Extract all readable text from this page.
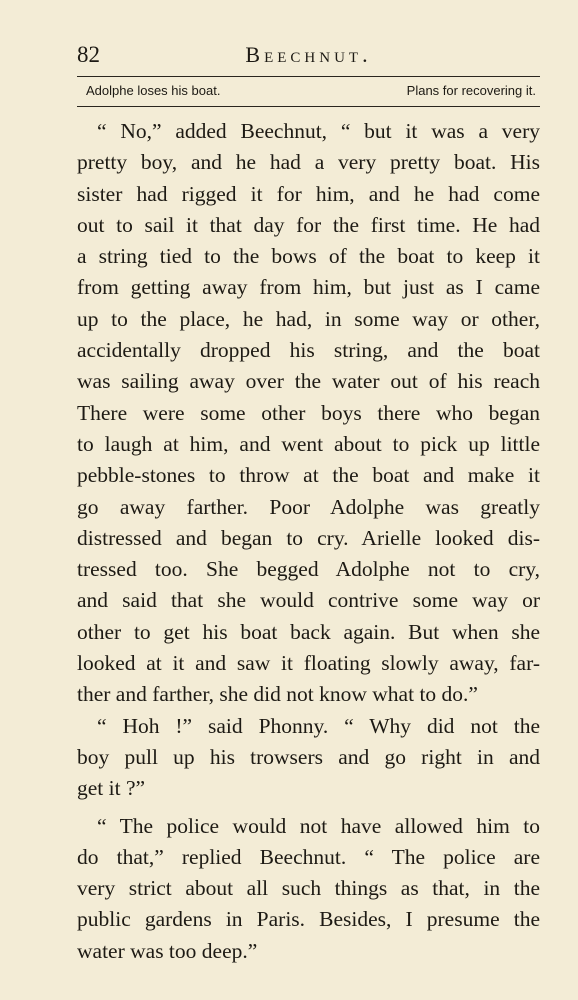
82	Beechnut.
Adolphe loses his boat.	Plans for recovering it.
“ No,” added Beechnut, “ but it was a very
pretty boy, and he had a very pretty boat. His
sister had rigged it for him, and he had come
out to sail it that day for the first time. He had
a string tied to the bows of the boat to keep it
from getting away from him, but just as I came
up to the place, he had, in some way or other,
accidentally dropped his string, and the boat
was sailing away over the water out of his reach
There were some other boys there who began
to laugh at him, and went about to pick up little
pebble-stones to throw at the boat and make it
go away farther. Poor Adolphe was greatly
distressed and began to cry. Arielle looked dis-
tressed too. She begged Adolphe not to cry,
and said that she would contrive some way or
other to get his boat back again. But when she
looked at it and saw it floating slowly away, far-
ther and farther, she did not know what to do.”
“ Hoh !” said Phonny. “ Why did not the
boy pull up his trowsers and go right in and
get it ?”
“ The police would not have allowed him to
do that,” replied Beechnut. “ The police are
very strict about all such things as that, in the
public gardens in Paris. Besides, I presume the
water was too deep.”
